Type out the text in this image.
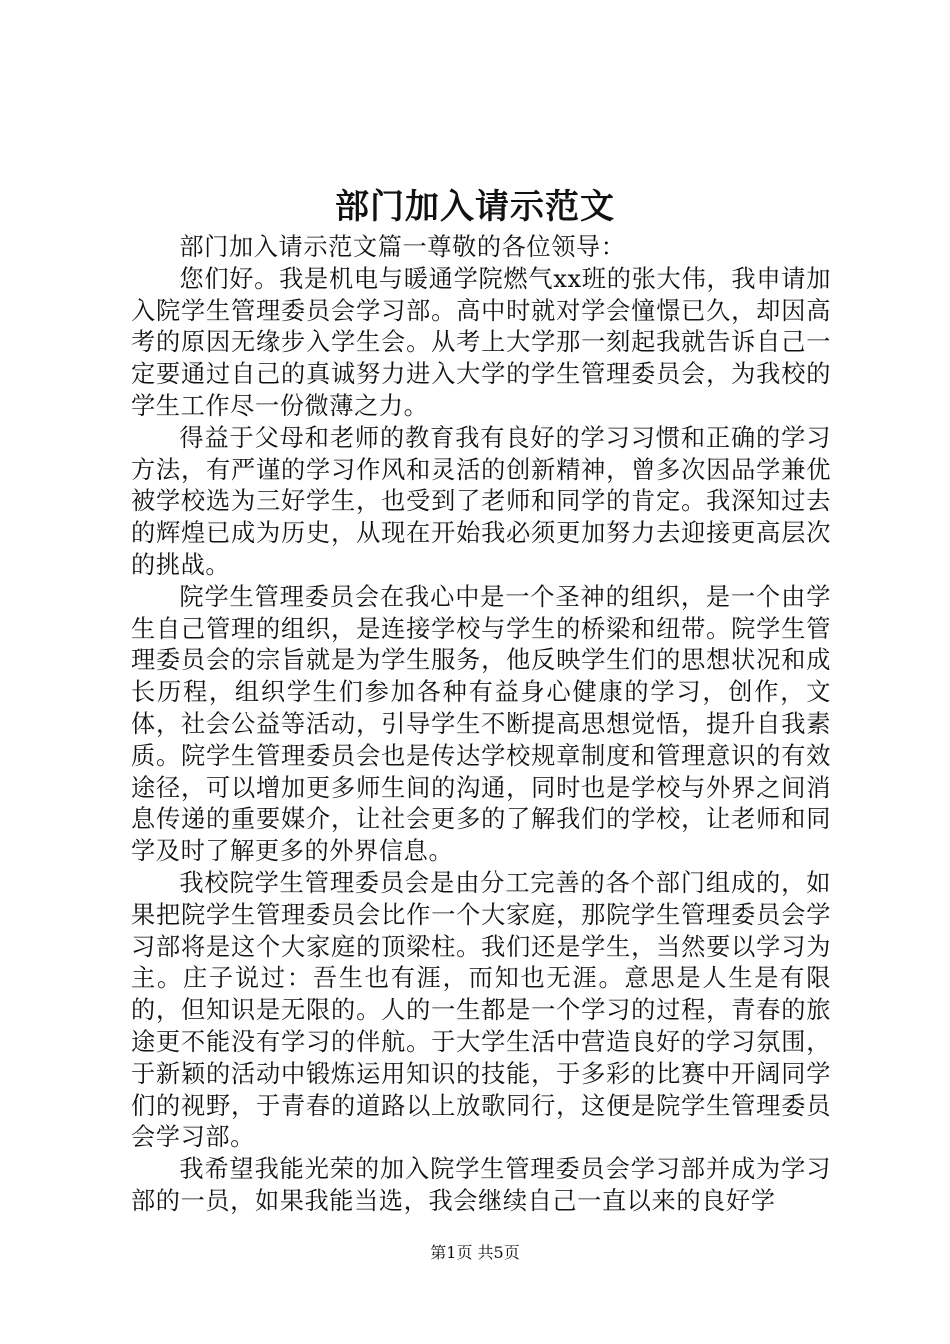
部门加入请示范文

部门加入请示范文篇一尊敬的各位领导：

您们好。我是机电与暖通学院燃气xx班的张大伟，我申请加入院学生管理委员会学习部。高中时就对学会憧憬已久，却因高考的原因无缘步入学生会。从考上大学那一刻起我就告诉自己一定要通过自己的真诚努力进入大学的学生管理委员会，为我校的学生工作尽一份微薄之力。

得益于父母和老师的教育我有良好的学习习惯和正确的学习方法，有严谨的学习作风和灵活的创新精神，曾多次因品学兼优被学校选为三好学生，也受到了老师和同学的肯定。我深知过去的辉煌已成为历史，从现在开始我必须更加努力去迎接更高层次的挑战。

院学生管理委员会在我心中是一个圣神的组织，是一个由学生自己管理的组织，是连接学校与学生的桥梁和纽带。院学生管理委员会的宗旨就是为学生服务，他反映学生们的思想状况和成长历程，组织学生们参加各种有益身心健康的学习，创作，文体，社会公益等活动，引导学生不断提高思想觉悟，提升自我素质。院学生管理委员会也是传达学校规章制度和管理意识的有效途径，可以增加更多师生间的沟通，同时也是学校与外界之间消息传递的重要媒介，让社会更多的了解我们的学校，让老师和同学及时了解更多的外界信息。

我校院学生管理委员会是由分工完善的各个部门组成的，如果把院学生管理委员会比作一个大家庭，那院学生管理委员会学习部将是这个大家庭的顶梁柱。我们还是学生，当然要以学习为主。庄子说过：吾生也有涯，而知也无涯。意思是人生是有限的，但知识是无限的。人的一生都是一个学习的过程，青春的旅途更不能没有学习的伴航。于大学生活中营造良好的学习氛围，于新颖的活动中锻炼运用知识的技能，于多彩的比赛中开阔同学们的视野，于青春的道路以上放歌同行，这便是院学生管理委员会学习部。

我希望我能光荣的加入院学生管理委员会学习部并成为学习部的一员，如果我能当选，我会继续自己一直以来的良好学

第1页 共5页
